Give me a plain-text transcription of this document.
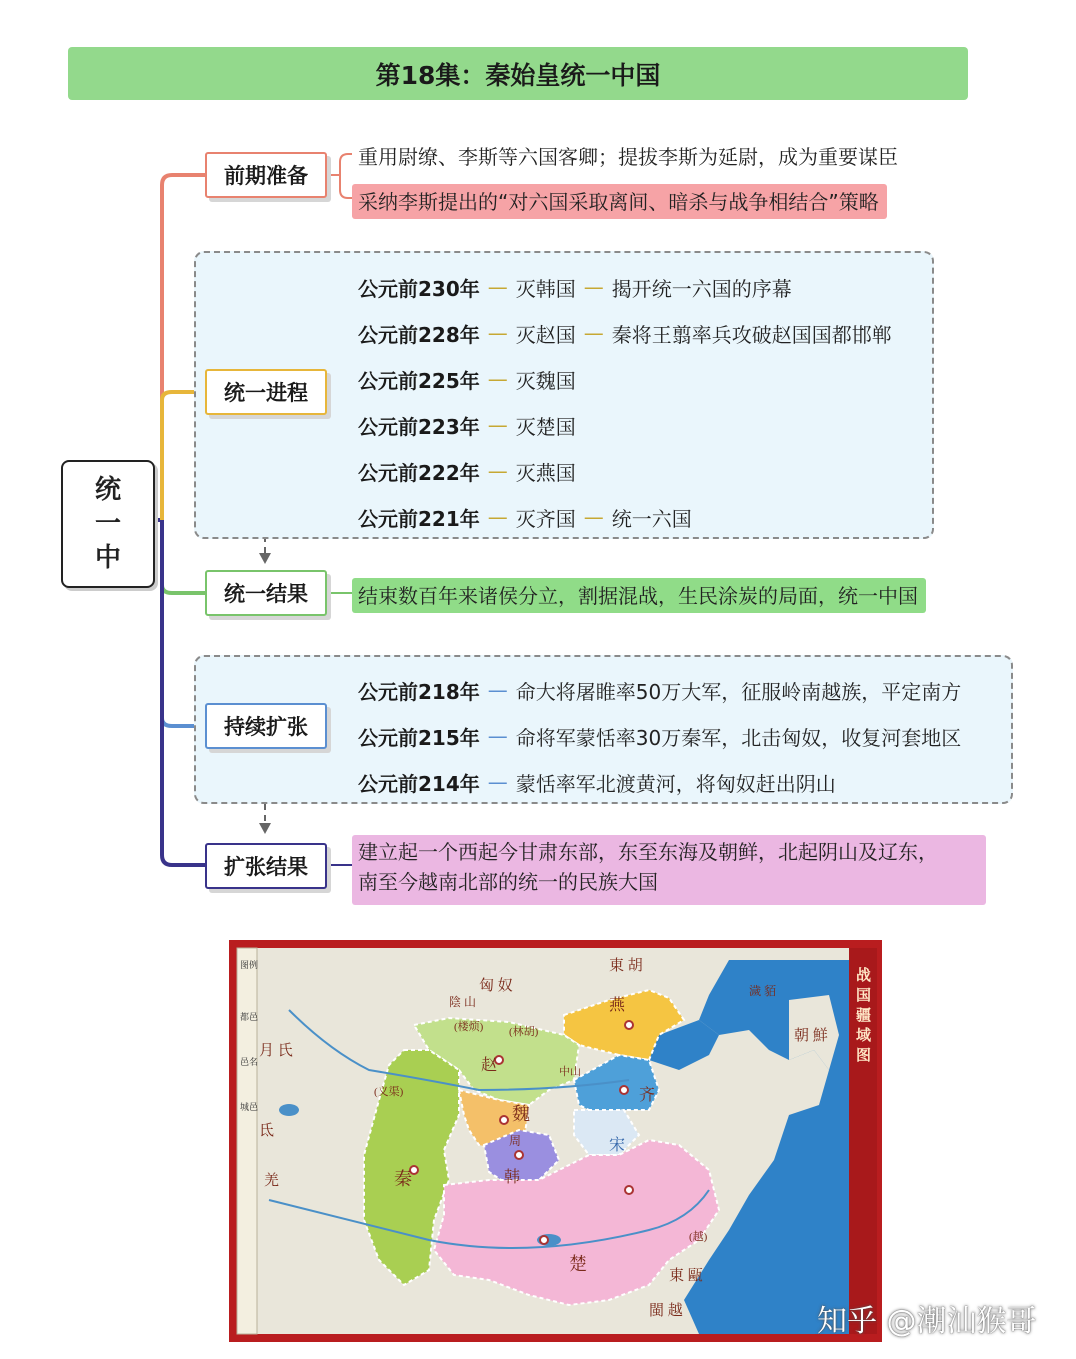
第18集：秦始皇统一中国
统
一
中
前期准备
重用尉缭、李斯等六国客卿；提拔李斯为延尉，成为重要谋臣
采纳李斯提出的“对六国采取离间、暗杀与战争相结合”策略
统一进程
公元前230年 — 灭韩国 — 揭开统一六国的序幕
公元前228年 — 灭赵国 — 秦将王翦率兵攻破赵国国都邯郸
公元前225年 — 灭魏国
公元前223年 — 灭楚国
公元前222年 — 灭燕国
公元前221年 — 灭齐国 — 统一六国
统一结果	结束数百年来诸侯分立，割据混战，生民涂炭的局面，统一中国
持续扩张
公元前218年 — 命大将屠睢率50万大军，征服岭南越族，平定南方
公元前215年 — 命将军蒙恬率30万秦军，北击匈奴，收复河套地区
公元前214年 — 蒙恬率军北渡黄河，将匈奴赶出阴山
扩张结果
建立起一个西起今甘肃东部，东至东海及朝鲜，北起阴山及辽东，
南至今越南北部的统一的民族大国
秦
赵
魏
韩
楚
齐
燕
宋
周
中山
(越)
(义渠)
(楼烦) (林胡)
匈 奴
東 胡
月 氏
氐
羌
朝 鮮
東 甌
閩 越
濊 貊
陰 山
图例
都邑
邑名
城邑
战
国
疆
域
图
知乎 @潮汕猴哥
